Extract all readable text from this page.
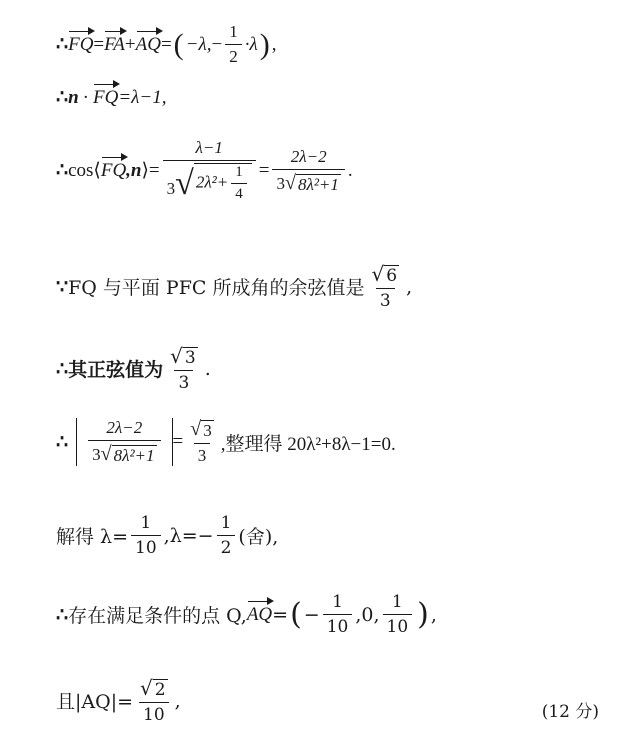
∴ FQ = FA + AQ = ( −λ, − $\frac{1}{2} \cdot\lambda$ ) ,
∴ n · FQ =λ−1,
∴ cos⟨ FQ ,n ⟩ = $\frac{\lambda-1}{3 √ 2\lambda^2+ \frac{1}{4}} = \frac{2\lambda-2}{\text{3 √ 8λ²+1}}$ .
∵ FQ 与平面 PFC 所成角的余弦值是 $\frac{√ 6}{3}$ ,
∴ 其正弦值为 $\frac{√ 3}{3}$ .
∴ $\frac{2\lambda-2}{\text{3 √ 8λ²+1}} = \frac{√ 3}{3}$ ,整理得 20λ²+8λ−1=0.
解得 $\lambda= \frac{1}{10} ,\lambda=- \frac{1}{2}$ (舍),
∴ 存在满足条件的点 Q, AQ = ( − $\frac{1}{10} ,0$, $\frac{1}{10}$ ) ,
且$|AQ|= \frac{√ 2}{10}$ ,
(12 分)
